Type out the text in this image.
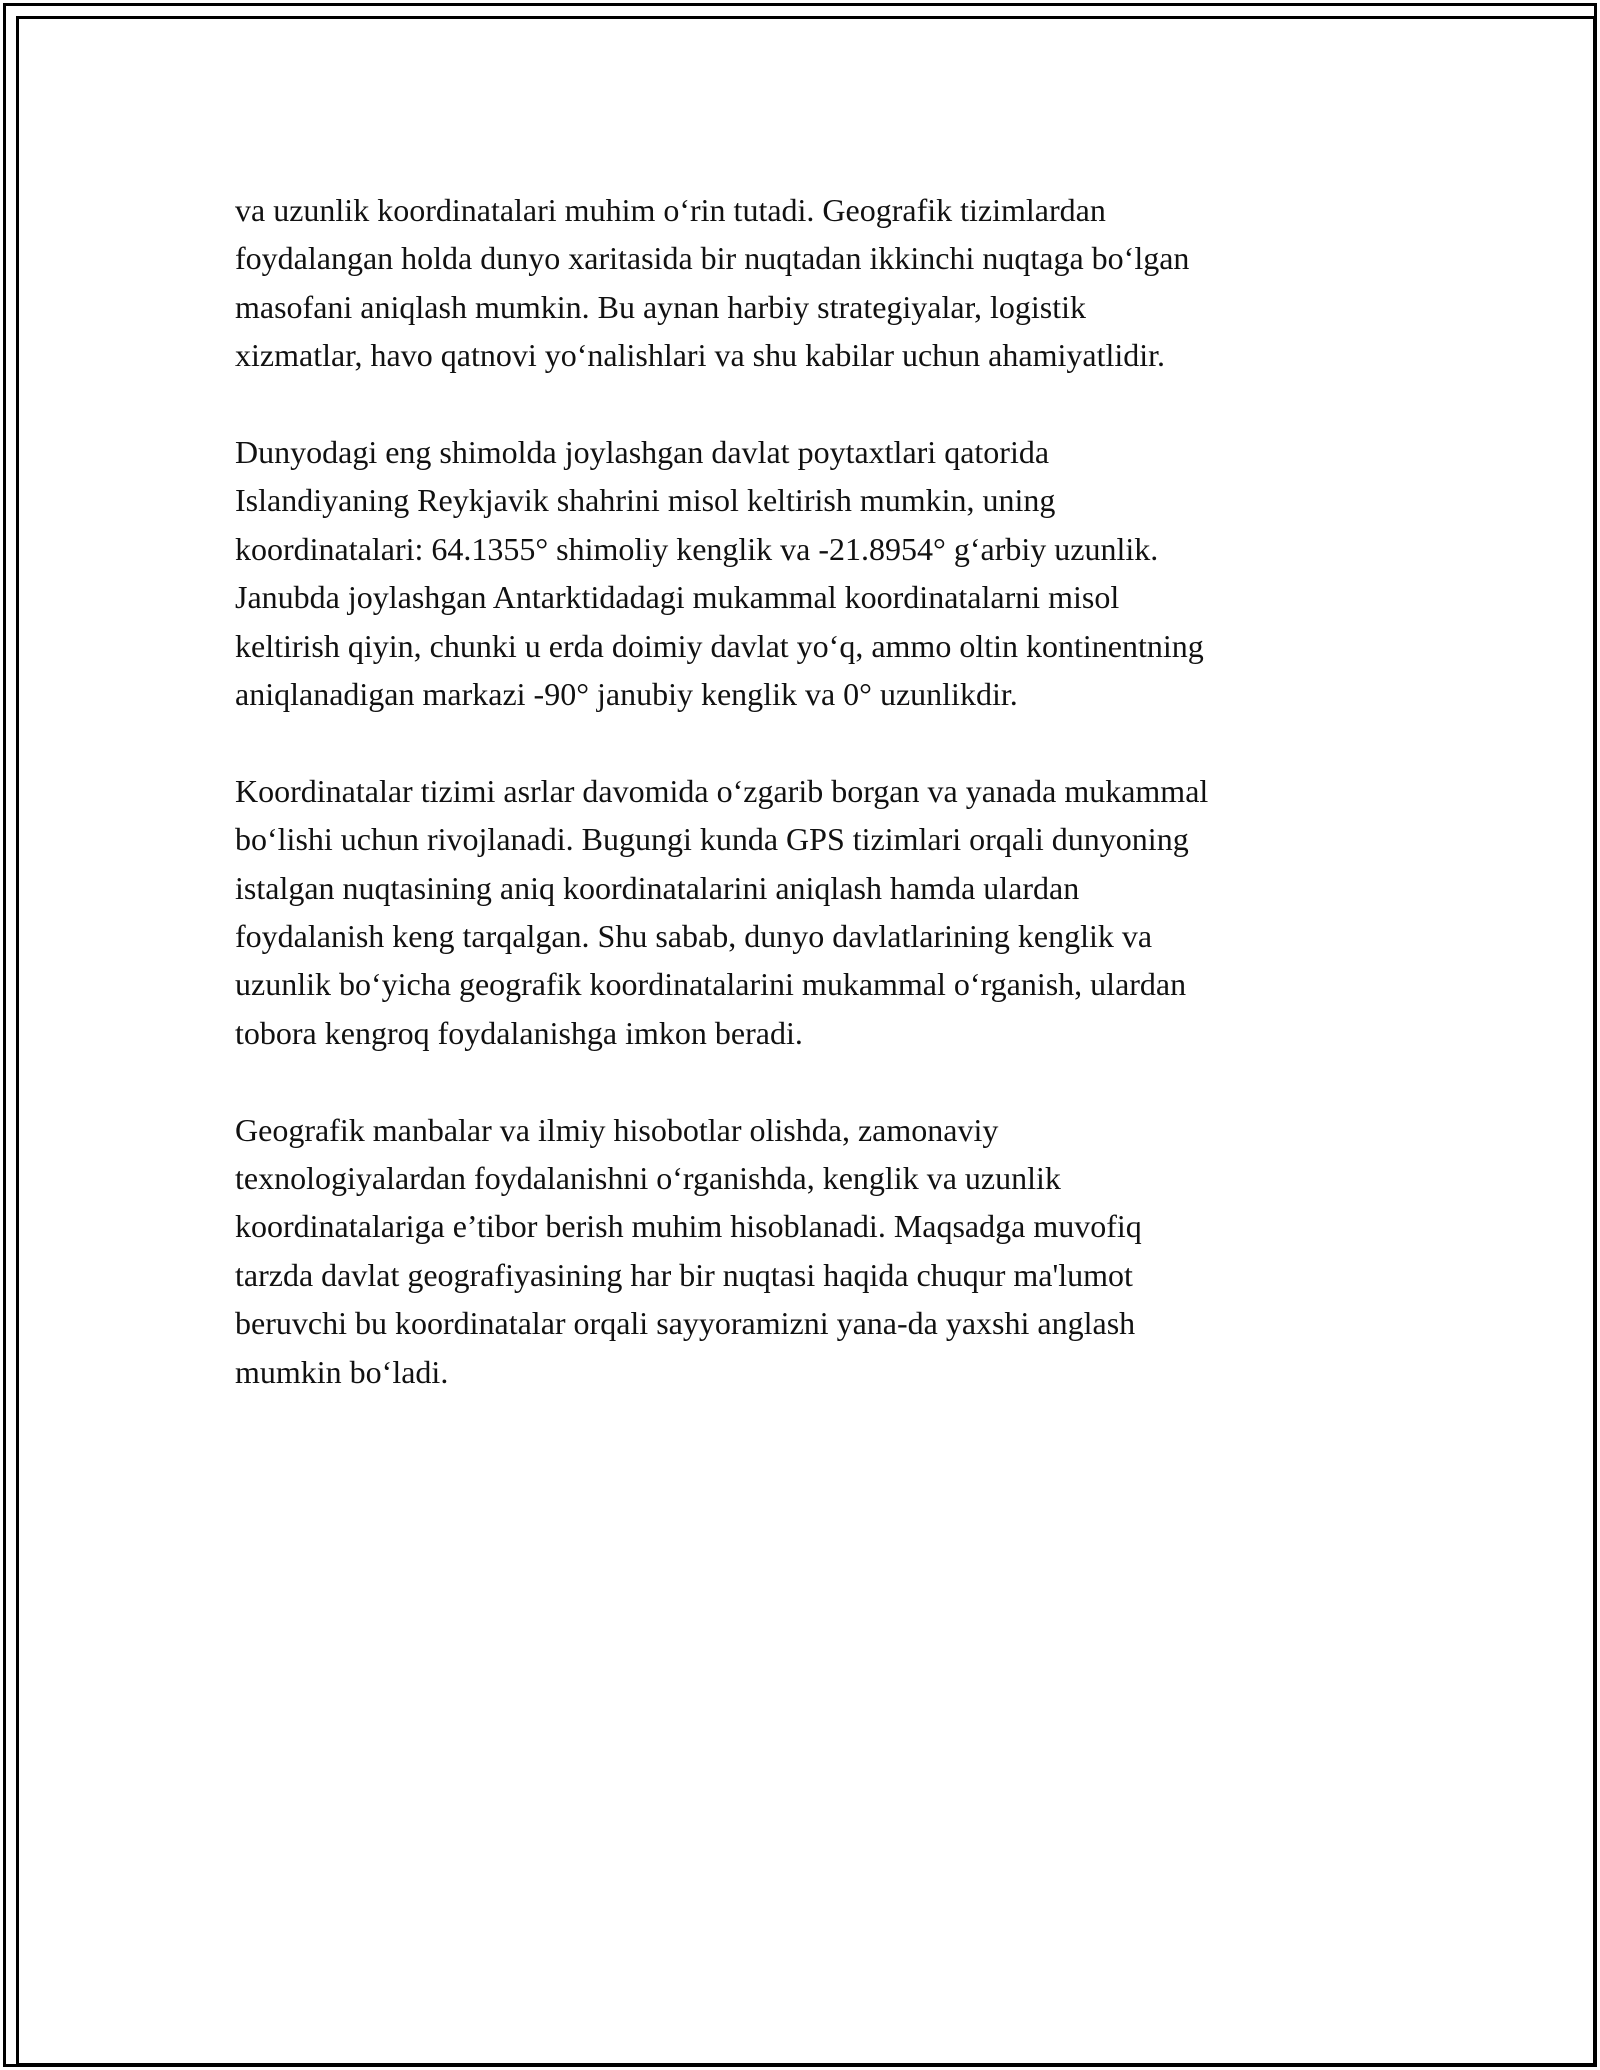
va uzunlik koordinatalari muhim o‘rin tutadi. Geografik tizimlardan
foydalangan holda dunyo xaritasida bir nuqtadan ikkinchi nuqtaga bo‘lgan
masofani aniqlash mumkin. Bu aynan harbiy strategiyalar, logistik
xizmatlar, havo qatnovi yo‘nalishlari va shu kabilar uchun ahamiyatlidir.

Dunyodagi eng shimolda joylashgan davlat poytaxtlari qatorida
Islandiyaning Reykjavik shahrini misol keltirish mumkin, uning
koordinatalari: 64.1355° shimoliy kenglik va -21.8954° g‘arbiy uzunlik.
Janubda joylashgan Antarktidadagi mukammal koordinatalarni misol
keltirish qiyin, chunki u erda doimiy davlat yo‘q, ammo oltin kontinentning
aniqlanadigan markazi -90° janubiy kenglik va 0° uzunlikdir.

Koordinatalar tizimi asrlar davomida o‘zgarib borgan va yanada mukammal
bo‘lishi uchun rivojlanadi. Bugungi kunda GPS tizimlari orqali dunyoning
istalgan nuqtasining aniq koordinatalarini aniqlash hamda ulardan
foydalanish keng tarqalgan. Shu sabab, dunyo davlatlarining kenglik va
uzunlik bo‘yicha geografik koordinatalarini mukammal o‘rganish, ulardan
tobora kengroq foydalanishga imkon beradi.

Geografik manbalar va ilmiy hisobotlar olishda, zamonaviy
texnologiyalardan foydalanishni o‘rganishda, kenglik va uzunlik
koordinatalariga e’tibor berish muhim hisoblanadi. Maqsadga muvofiq
tarzda davlat geografiyasining har bir nuqtasi haqida chuqur ma'lumot
beruvchi bu koordinatalar orqali sayyoramizni yana-da yaxshi anglash
mumkin bo‘ladi.
